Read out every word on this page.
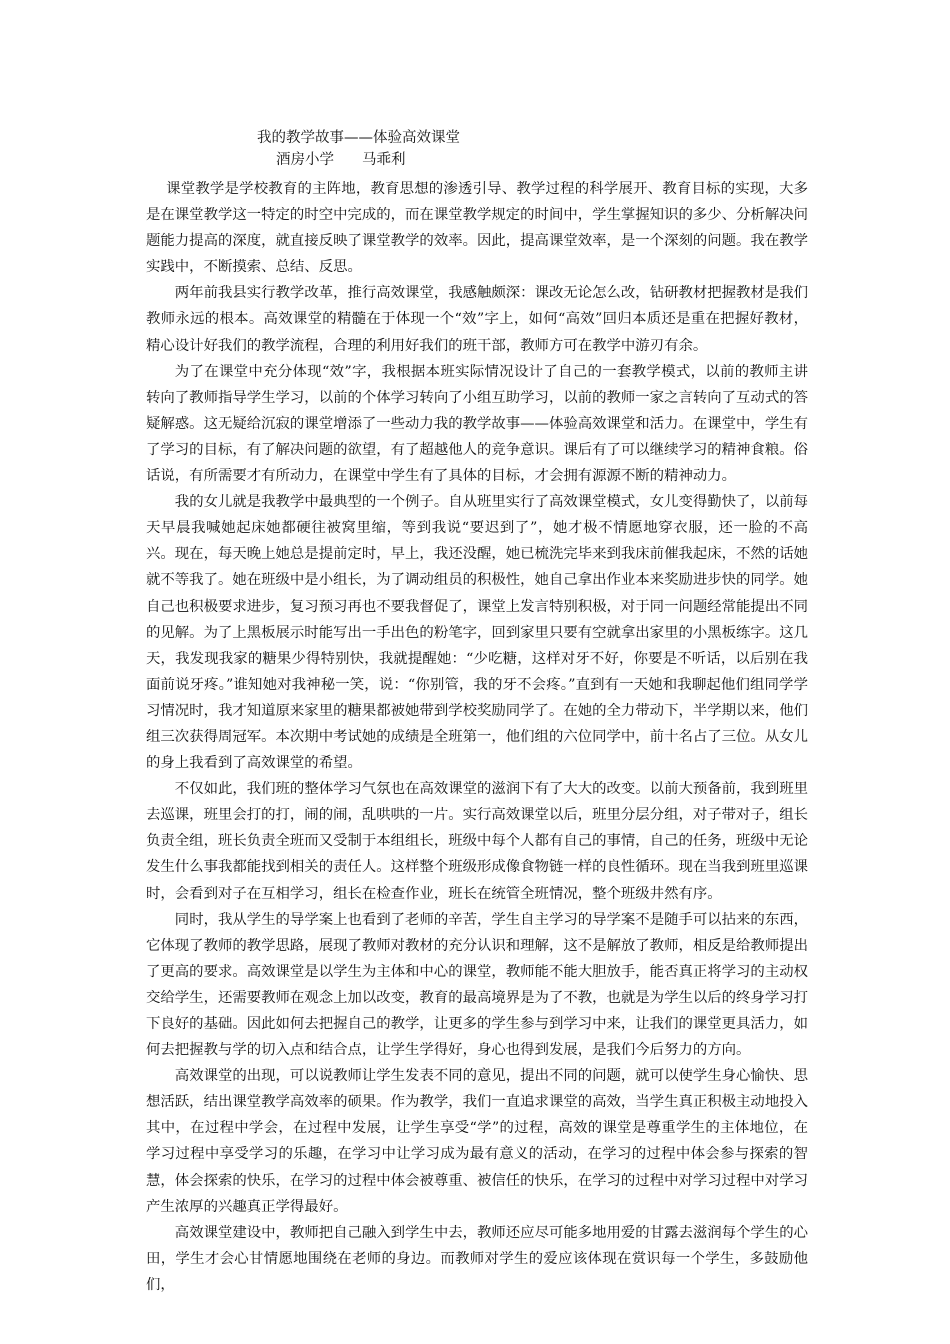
我的教学故事——体验高效课堂
酒房小学 马乖利

课堂教学是学校教育的主阵地，教育思想的渗透引导、教学过程的科学展开、教育目标的实现，大多是在课堂教学这一特定的时空中完成的，而在课堂教学规定的时间中，学生掌握知识的多少、分析解决问题能力提高的深度，就直接反映了课堂教学的效率。因此，提高课堂效率，是一个深刻的问题。我在教学实践中，不断摸索、总结、反思。

两年前我县实行教学改革，推行高效课堂，我感触颇深：课改无论怎么改，钻研教材把握教材是我们教师永远的根本。高效课堂的精髓在于体现一个“效”字上，如何“高效”回归本质还是重在把握好教材，精心设计好我们的教学流程，合理的利用好我们的班干部，教师方可在教学中游刃有余。

为了在课堂中充分体现“效”字，我根据本班实际情况设计了自己的一套教学模式，以前的教师主讲转向了教师指导学生学习，以前的个体学习转向了小组互助学习，以前的教师一家之言转向了互动式的答疑解惑。这无疑给沉寂的课堂增添了一些动力我的教学故事——体验高效课堂和活力。在课堂中，学生有了学习的目标，有了解决问题的欲望，有了超越他人的竞争意识。课后有了可以继续学习的精神食粮。俗话说，有所需要才有所动力，在课堂中学生有了具体的目标，才会拥有源源不断的精神动力。

我的女儿就是我教学中最典型的一个例子。自从班里实行了高效课堂模式，女儿变得勤快了，以前每天早晨我喊她起床她都硬往被窝里缩，等到我说“要迟到了”，她才极不情愿地穿衣服，还一脸的不高兴。现在，每天晚上她总是提前定时，早上，我还没醒，她已梳洗完毕来到我床前催我起床，不然的话她就不等我了。她在班级中是小组长，为了调动组员的积极性，她自己拿出作业本来奖励进步快的同学。她自己也积极要求进步，复习预习再也不要我督促了，课堂上发言特别积极，对于同一问题经常能提出不同的见解。为了上黑板展示时能写出一手出色的粉笔字，回到家里只要有空就拿出家里的小黑板练字。这几天，我发现我家的糖果少得特别快，我就提醒她：“少吃糖，这样对牙不好，你要是不听话，以后别在我面前说牙疼。”谁知她对我神秘一笑，说：“你别管，我的牙不会疼。”直到有一天她和我聊起他们组同学学习情况时，我才知道原来家里的糖果都被她带到学校奖励同学了。在她的全力带动下，半学期以来，他们组三次获得周冠军。本次期中考试她的成绩是全班第一，他们组的六位同学中，前十名占了三位。从女儿的身上我看到了高效课堂的希望。

不仅如此，我们班的整体学习气氛也在高效课堂的滋润下有了大大的改变。以前大预备前，我到班里去巡课，班里会打的打，闹的闹，乱哄哄的一片。实行高效课堂以后，班里分层分组，对子带对子，组长负责全组，班长负责全班而又受制于本组组长，班级中每个人都有自己的事情，自己的任务，班级中无论发生什么事我都能找到相关的责任人。这样整个班级形成像食物链一样的良性循环。现在当我到班里巡课时，会看到对子在互相学习，组长在检查作业，班长在统管全班情况，整个班级井然有序。

同时，我从学生的导学案上也看到了老师的辛苦，学生自主学习的导学案不是随手可以拈来的东西，它体现了教师的教学思路，展现了教师对教材的充分认识和理解，这不是解放了教师，相反是给教师提出了更高的要求。高效课堂是以学生为主体和中心的课堂，教师能不能大胆放手，能否真正将学习的主动权交给学生，还需要教师在观念上加以改变，教育的最高境界是为了不教，也就是为学生以后的终身学习打下良好的基础。因此如何去把握自己的教学，让更多的学生参与到学习中来，让我们的课堂更具活力，如何去把握教与学的切入点和结合点，让学生学得好，身心也得到发展，是我们今后努力的方向。

高效课堂的出现，可以说教师让学生发表不同的意见，提出不同的问题，就可以使学生身心愉快、思想活跃，结出课堂教学高效率的硕果。作为教学，我们一直追求课堂的高效，当学生真正积极主动地投入其中，在过程中学会，在过程中发展，让学生享受“学”的过程，高效的课堂是尊重学生的主体地位，在学习过程中享受学习的乐趣，在学习中让学习成为最有意义的活动，在学习的过程中体会参与探索的智慧，体会探索的快乐，在学习的过程中体会被尊重、被信任的快乐，在学习的过程中对学习过程中对学习产生浓厚的兴趣真正学得最好。

高效课堂建设中，教师把自己融入到学生中去，教师还应尽可能多地用爱的甘露去滋润每个学生的心田，学生才会心甘情愿地围绕在老师的身边。而教师对学生的爱应该体现在赏识每一个学生，多鼓励他们，
